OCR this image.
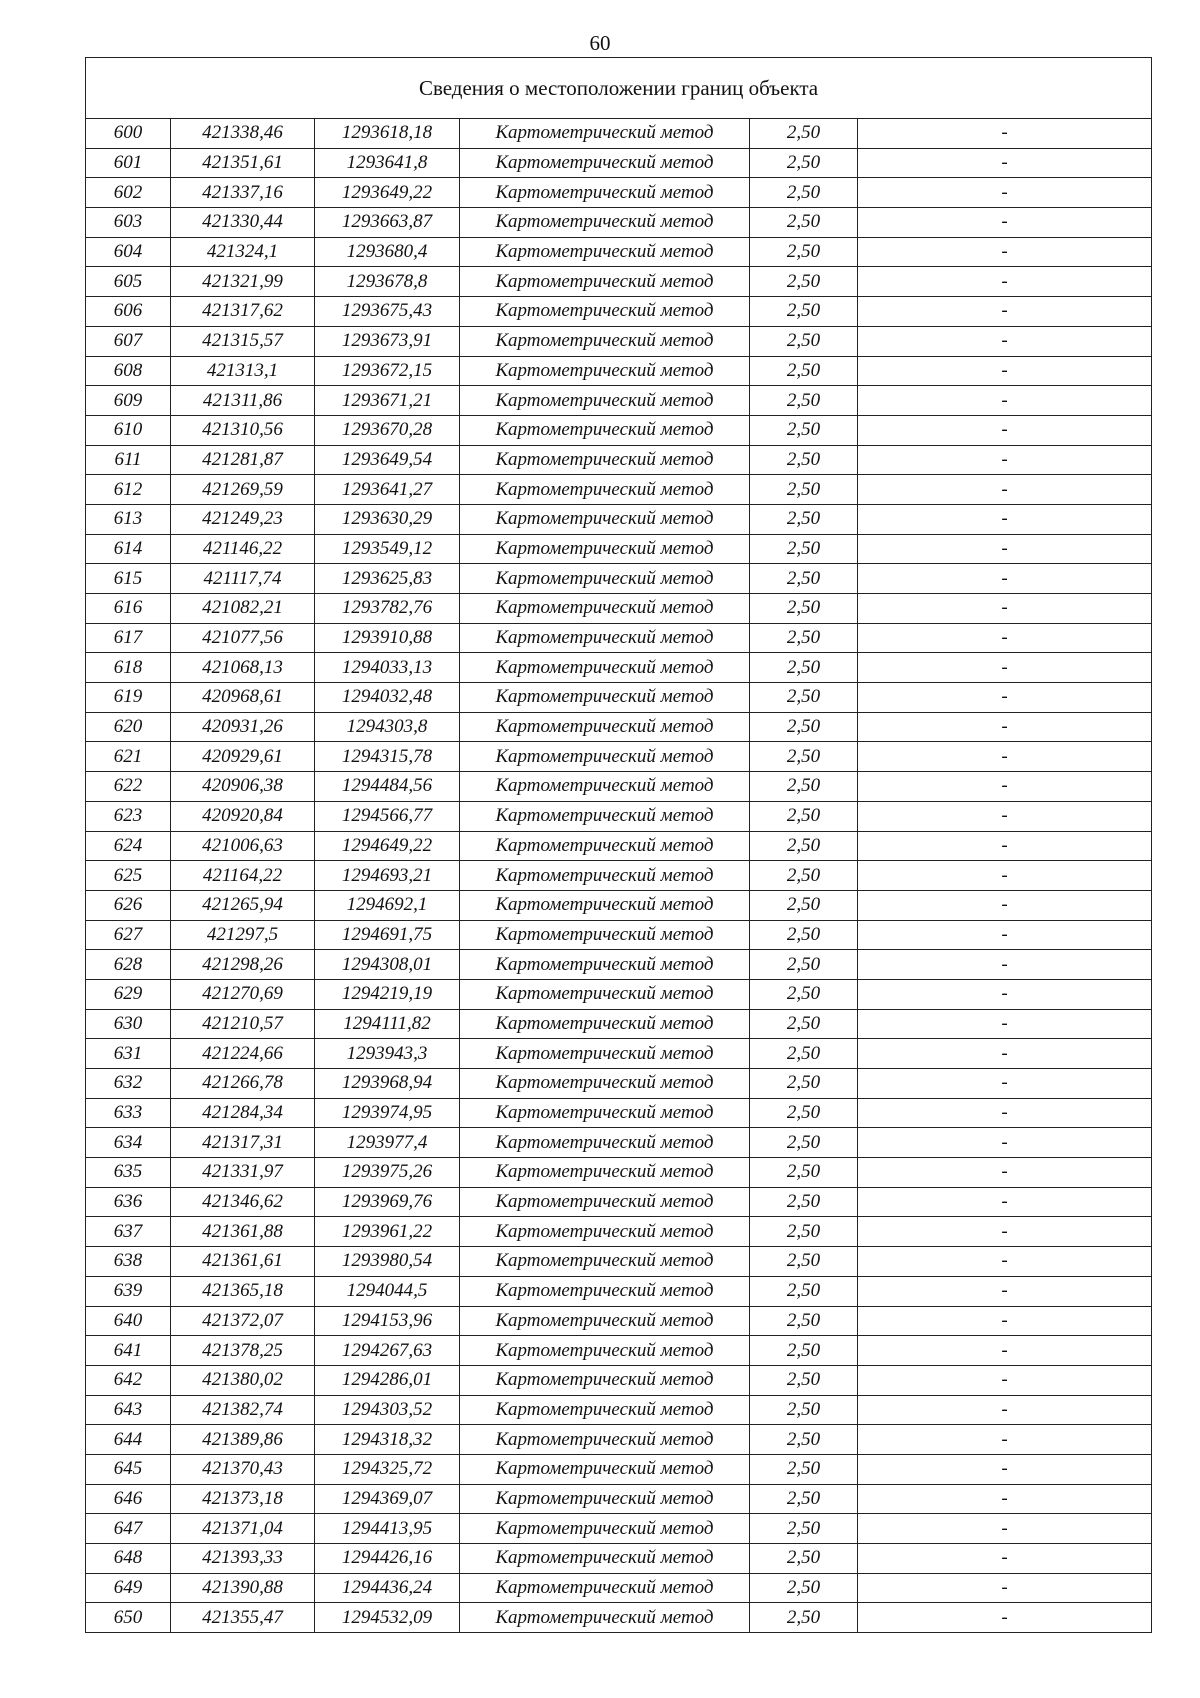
60
Сведения о местоположении границ объекта					
600	421338,46	1293618,18	Картометрический метод	2,50	-
601	421351,61	1293641,8	Картометрический метод	2,50	-
602	421337,16	1293649,22	Картометрический метод	2,50	-
603	421330,44	1293663,87	Картометрический метод	2,50	-
604	421324,1	1293680,4	Картометрический метод	2,50	-
605	421321,99	1293678,8	Картометрический метод	2,50	-
606	421317,62	1293675,43	Картометрический метод	2,50	-
607	421315,57	1293673,91	Картометрический метод	2,50	-
608	421313,1	1293672,15	Картометрический метод	2,50	-
609	421311,86	1293671,21	Картометрический метод	2,50	-
610	421310,56	1293670,28	Картометрический метод	2,50	-
611	421281,87	1293649,54	Картометрический метод	2,50	-
612	421269,59	1293641,27	Картометрический метод	2,50	-
613	421249,23	1293630,29	Картометрический метод	2,50	-
614	421146,22	1293549,12	Картометрический метод	2,50	-
615	421117,74	1293625,83	Картометрический метод	2,50	-
616	421082,21	1293782,76	Картометрический метод	2,50	-
617	421077,56	1293910,88	Картометрический метод	2,50	-
618	421068,13	1294033,13	Картометрический метод	2,50	-
619	420968,61	1294032,48	Картометрический метод	2,50	-
620	420931,26	1294303,8	Картометрический метод	2,50	-
621	420929,61	1294315,78	Картометрический метод	2,50	-
622	420906,38	1294484,56	Картометрический метод	2,50	-
623	420920,84	1294566,77	Картометрический метод	2,50	-
624	421006,63	1294649,22	Картометрический метод	2,50	-
625	421164,22	1294693,21	Картометрический метод	2,50	-
626	421265,94	1294692,1	Картометрический метод	2,50	-
627	421297,5	1294691,75	Картометрический метод	2,50	-
628	421298,26	1294308,01	Картометрический метод	2,50	-
629	421270,69	1294219,19	Картометрический метод	2,50	-
630	421210,57	1294111,82	Картометрический метод	2,50	-
631	421224,66	1293943,3	Картометрический метод	2,50	-
632	421266,78	1293968,94	Картометрический метод	2,50	-
633	421284,34	1293974,95	Картометрический метод	2,50	-
634	421317,31	1293977,4	Картометрический метод	2,50	-
635	421331,97	1293975,26	Картометрический метод	2,50	-
636	421346,62	1293969,76	Картометрический метод	2,50	-
637	421361,88	1293961,22	Картометрический метод	2,50	-
638	421361,61	1293980,54	Картометрический метод	2,50	-
639	421365,18	1294044,5	Картометрический метод	2,50	-
640	421372,07	1294153,96	Картометрический метод	2,50	-
641	421378,25	1294267,63	Картометрический метод	2,50	-
642	421380,02	1294286,01	Картометрический метод	2,50	-
643	421382,74	1294303,52	Картометрический метод	2,50	-
644	421389,86	1294318,32	Картометрический метод	2,50	-
645	421370,43	1294325,72	Картометрический метод	2,50	-
646	421373,18	1294369,07	Картометрический метод	2,50	-
647	421371,04	1294413,95	Картометрический метод	2,50	-
648	421393,33	1294426,16	Картометрический метод	2,50	-
649	421390,88	1294436,24	Картометрический метод	2,50	-
650	421355,47	1294532,09	Картометрический метод	2,50	-
